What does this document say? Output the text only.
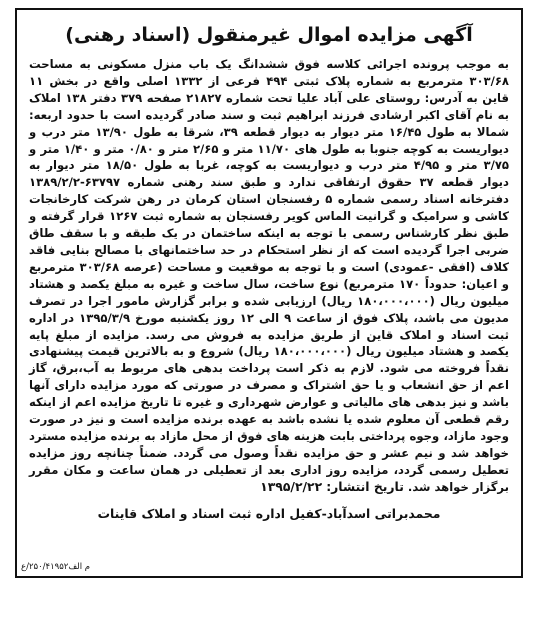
آگهی مزایده اموال غیرمنقول (اسناد رهنی)
به موجب پرونده اجرائی کلاسه فوق ششدانگ یک باب منزل مسکونی به مساحت ۳۰۳/۶۸ مترمربع به شماره پلاک ثبتی ۴۹۴ فرعی از ۱۳۳۲ اصلی واقع در بخش ۱۱ قاین به آدرس: روستای علی آباد علیا تحت شماره ۲۱۸۲۷ صفحه ۳۷۹ دفتر ۱۳۸ املاک به نام آقای اکبر ارشادی فرزند ابراهیم ثبت و سند صادر گردیده است با حدود اربعه: شمالا به طول ۱۶/۴۵ متر دیوار به دیوار قطعه ۳۹، شرقا به طول ۱۳/۹۰ متر درب و دیواریست به کوچه جنوبا به طول های ۱۱/۷۰ متر و ۲/۶۵ متر و ۰/۸۰ متر و ۱/۴۰ متر و ۳/۷۵ متر و ۴/۹۵ متر درب و دیواریست به کوچه، غربا به طول ۱۸/۵۰ متر دیوار به دیوار قطعه ۳۷ حقوق ارتفاقی ندارد و طبق سند رهنی شماره ۶۳۷۹۷-۱۳۸۹/۲/۲ دفترخانه اسناد رسمی شماره ۵ رفسنجان استان کرمان در رهن شرکت کارخانجات کاشی و سرامیک و گرانیت الماس کویر رفسنجان به شماره ثبت ۱۲۶۷ قرار گرفته و طبق نظر کارشناس رسمی با توجه به اینکه ساختمان در یک طبقه و با سقف طاق ضربی اجرا گردیده است که از نظر استحکام در حد ساختمانهای با مصالح بنایی فاقد کلاف (افقی -عمودی) است و با توجه به موقعیت و مساحت (عرصه ۳۰۳/۶۸ مترمربع و اعیان: حدوداً ۱۷۰ مترمربع) نوع ساخت، سال ساخت و غیره به مبلغ یکصد و هشتاد میلیون ریال (۱۸۰،۰۰۰،۰۰۰ ریال) ارزیابی شده و برابر گزارش مامور اجرا در تصرف مدیون می باشد، پلاک فوق از ساعت ۹ الی ۱۲ روز یکشنبه مورخ ۱۳۹۵/۳/۹ در اداره ثبت اسناد و املاک قاین از طریق مزایده به فروش می رسد. مزایده از مبلغ پایه یکصد و هشتاد میلیون ریال (۱۸۰،۰۰۰،۰۰۰ ریال) شروع و به بالاترین قیمت پیشنهادی نقداً فروخته می شود. لازم به ذکر است پرداخت بدهی های مربوط به آب،برق، گاز اعم از حق انشعاب و یا حق اشتراک و مصرف در صورتی که مورد مزایده دارای آنها باشد و نیز بدهی های مالیاتی و عوارض شهرداری و غیره تا تاریخ مزایده اعم از اینکه رقم قطعی آن معلوم شده یا نشده باشد به عهده برنده مزایده است و نیز در صورت وجود مازاد، وجوه پرداختی بابت هزینه های فوق از محل مازاد به برنده مزایده مسترد خواهد شد و نیم عشر و حق مزایده نقداً وصول می گردد. ضمناً چنانچه روز مزایده تعطیل رسمی گردد، مزایده روز اداری بعد از تعطیلی در همان ساعت و مکان مقرر برگزار خواهد شد. تاریخ انتشار: ۱۳۹۵/۲/۲۲
محمدبراتی اسدآباد-کفیل اداره ثبت اسناد و املاک قاینات
م الف۲۵۰/۴۱۹۵۲/ع
